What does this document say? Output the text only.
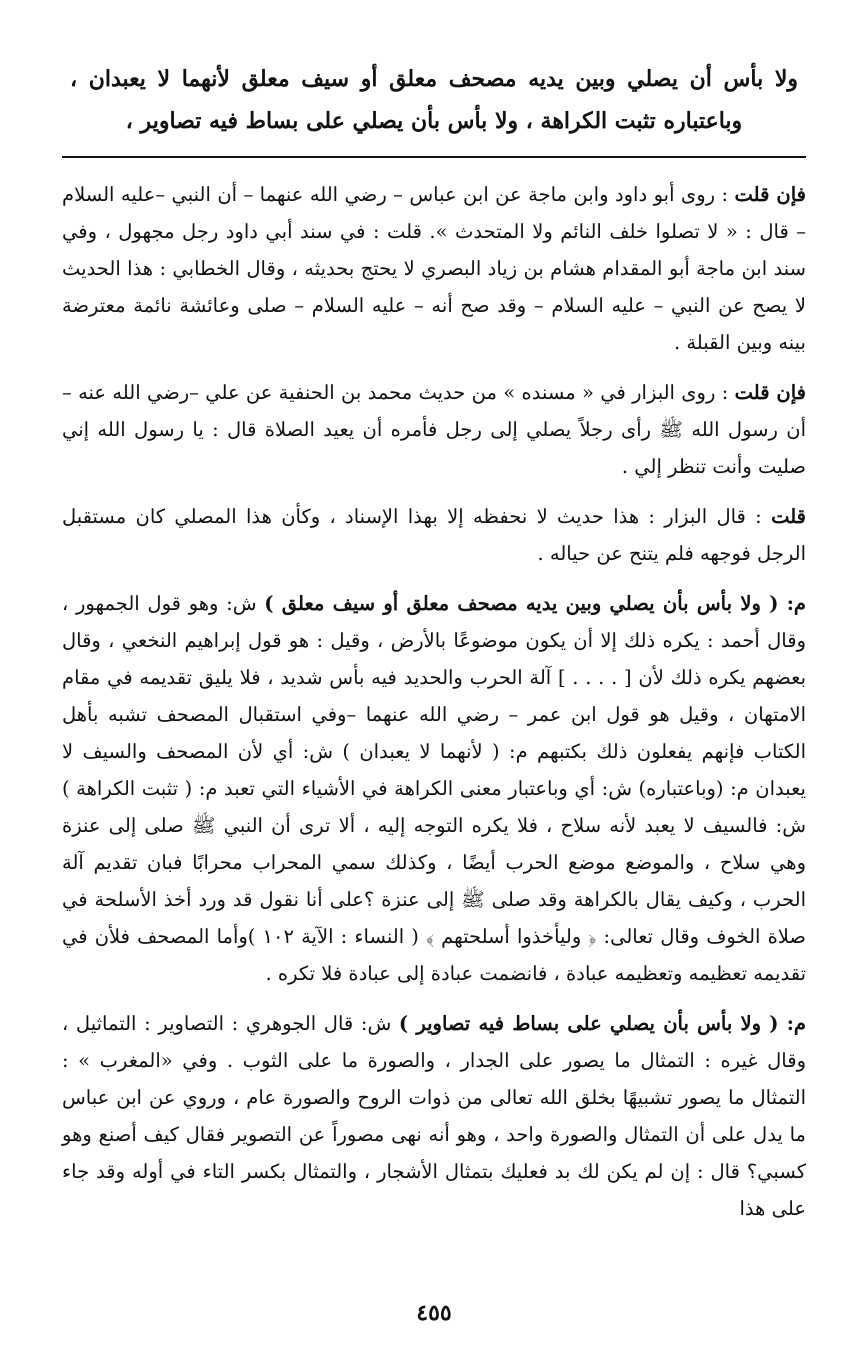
ولا بأس أن يصلي وبين يديه مصحف معلق أو سيف معلق لأنهما لا يعبدان ، وباعتباره تثبت الكراهة ، ولا بأس بأن يصلي على بساط فيه تصاوير ،

فإن قلت : روى أبو داود وابن ماجة عن ابن عباس – رضي الله عنهما – أن النبي –عليه السلام – قال : « لا تصلوا خلف النائم ولا المتحدث ». قلت : في سند أبي داود رجل مجهول ، وفي سند ابن ماجة أبو المقدام هشام بن زياد البصري لا يحتج بحديثه ، وقال الخطابي : هذا الحديث لا يصح عن النبي – عليه السلام – وقد صح أنه – عليه السلام – صلى وعائشة نائمة معترضة بينه وبين القبلة .

فإن قلت : روى البزار في « مسنده » من حديث محمد بن الحنفية عن علي –رضي الله عنه – أن رسول الله ﷺ رأى رجلاً يصلي إلى رجل فأمره أن يعيد الصلاة قال : يا رسول الله إني صليت وأنت تنظر إلي .

قلت : قال البزار : هذا حديث لا نحفظه إلا بهذا الإسناد ، وكأن هذا المصلي كان مستقبل الرجل فوجهه فلم يتنح عن حياله .

م: ( ولا بأس بأن يصلي وبين يديه مصحف معلق أو سيف معلق ) ش: وهو قول الجمهور ، وقال أحمد : يكره ذلك إلا أن يكون موضوعًا بالأرض ، وقيل : هو قول إبراهيم النخعي ، وقال بعضهم يكره ذلك لأن [ . . . . ] آلة الحرب والحديد فيه بأس شديد ، فلا يليق تقديمه في مقام الامتهان ، وقيل هو قول ابن عمر – رضي الله عنهما –وفي استقبال المصحف تشبه بأهل الكتاب فإنهم يفعلون ذلك بكتبهم م: ( لأنهما لا يعبدان ) ش: أي لأن المصحف والسيف لا يعبدان م: (وباعتباره) ش: أي وباعتبار معنى الكراهة في الأشياء التي تعبد م: ( تثبت الكراهة ) ش: فالسيف لا يعبد لأنه سلاح ، فلا يكره التوجه إليه ، ألا ترى أن النبي ﷺ صلى إلى عنزة وهي سلاح ، والموضع موضع الحرب أيضًا ، وكذلك سمي المحراب محرابًا فبان تقديم آلة الحرب ، وكيف يقال بالكراهة وقد صلى ﷺ إلى عنزة ؟على أنا نقول قد ورد أخذ الأسلحة في صلاة الخوف وقال تعالى: ﴿ وليأخذوا أسلحتهم ﴾ ( النساء : الآية ١٠٢ )وأما المصحف فلأن في تقديمه تعظيمه وتعظيمه عبادة ، فانضمت عبادة إلى عبادة فلا تكره .

م: ( ولا بأس بأن يصلي على بساط فيه تصاوير ) ش: قال الجوهري : التصاوير : التماثيل ، وقال غيره : التمثال ما يصور على الجدار ، والصورة ما على الثوب . وفي «المغرب » : التمثال ما يصور تشبيهًا بخلق الله تعالى من ذوات الروح والصورة عام ، وروي عن ابن عباس ما يدل على أن التمثال والصورة واحد ، وهو أنه نهى مصوراً عن التصوير فقال كيف أصنع وهو كسبي؟ قال : إن لم يكن لك بد فعليك بتمثال الأشجار ، والتمثال بكسر التاء في أوله وقد جاء على هذا

٤٥٥
